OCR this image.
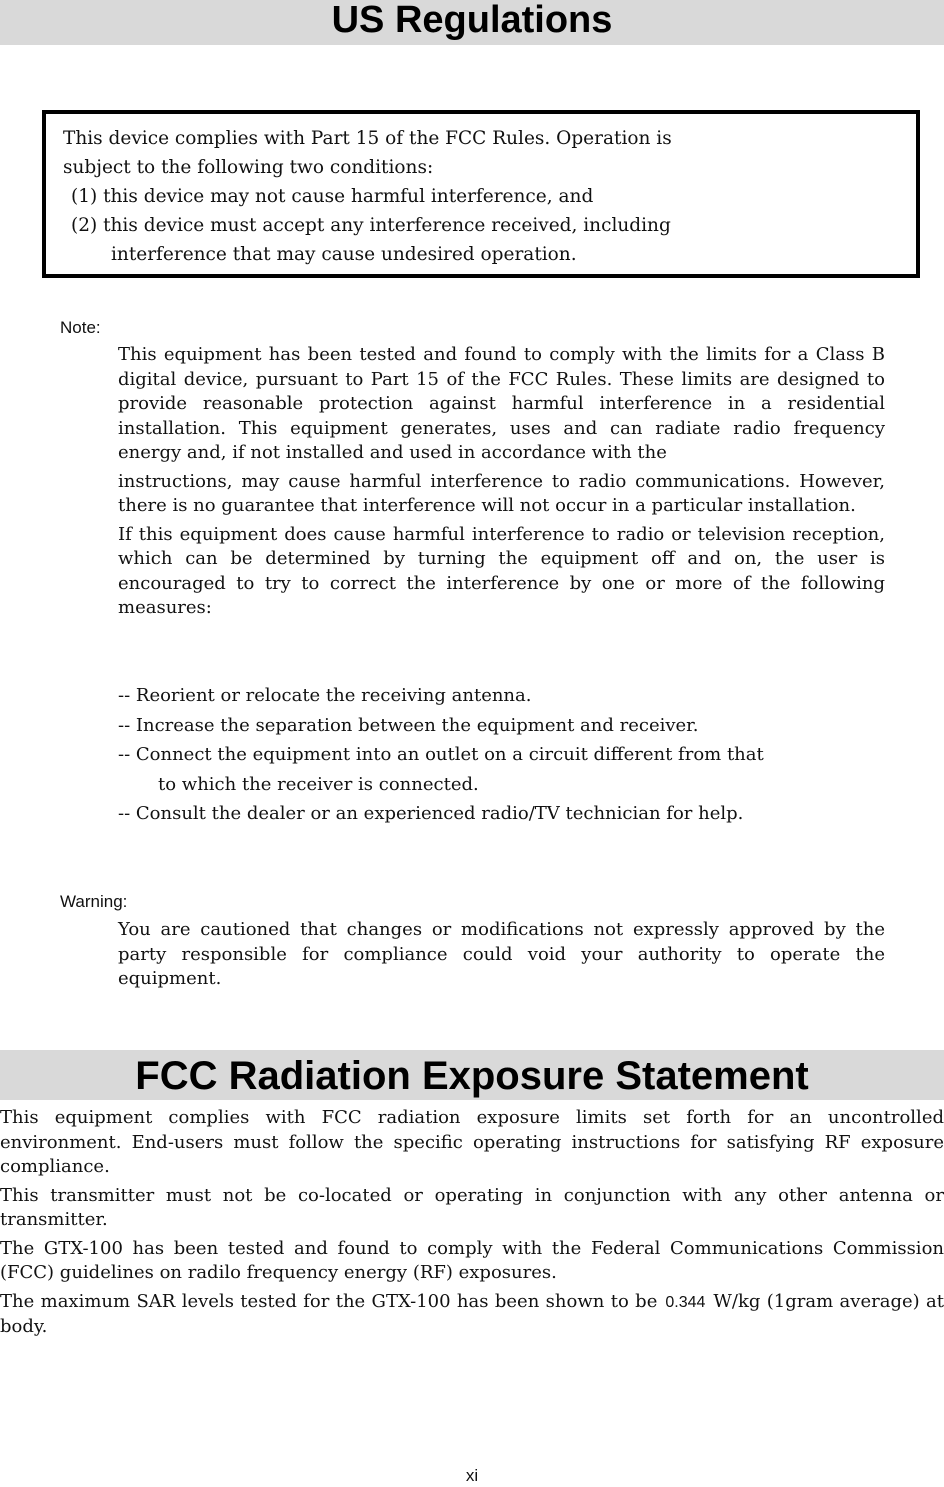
US Regulations

This device complies with Part 15 of the FCC Rules. Operation is

subject to the following two conditions:

(1) this device may not cause harmful interference, and

(2) this device must accept any interference received, including

interference that may cause undesired operation.

Note:

This equipment has been tested and found to comply with the limits for a Class B digital device, pursuant to Part 15 of the FCC Rules. These limits are designed to provide reasonable protection against harmful interference in a residential installation. This equipment generates, uses and can radiate radio frequency energy and, if not installed and used in accordance with the

instructions, may cause harmful interference to radio communications. However, there is no guarantee that interference will not occur in a particular installation.

If this equipment does cause harmful interference to radio or television reception, which can be determined by turning the equipment off and on, the user is encouraged to try to correct the interference by one or more of the following measures:

-- Reorient or relocate the receiving antenna.

-- Increase the separation between the equipment and receiver.

-- Connect the equipment into an outlet on a circuit different from that

to which the receiver is connected.

-- Consult the dealer or an experienced radio/TV technician for help.

Warning:

You are cautioned that changes or modifications not expressly approved by the party responsible for compliance could void your authority to operate the equipment.

FCC Radiation Exposure Statement

This equipment complies with FCC radiation exposure limits set forth for an uncontrolled environment. End-users must follow the specific operating instructions for satisfying RF exposure compliance.

This transmitter must not be co-located or operating in conjunction with any other antenna or transmitter.

The GTX-100 has been tested and found to comply with the Federal Communications Commission (FCC) guidelines on radilo frequency energy (RF) exposures.

The maximum SAR levels tested for the GTX-100 has been shown to be 0.344 W/kg (1gram average) at body.

xi
